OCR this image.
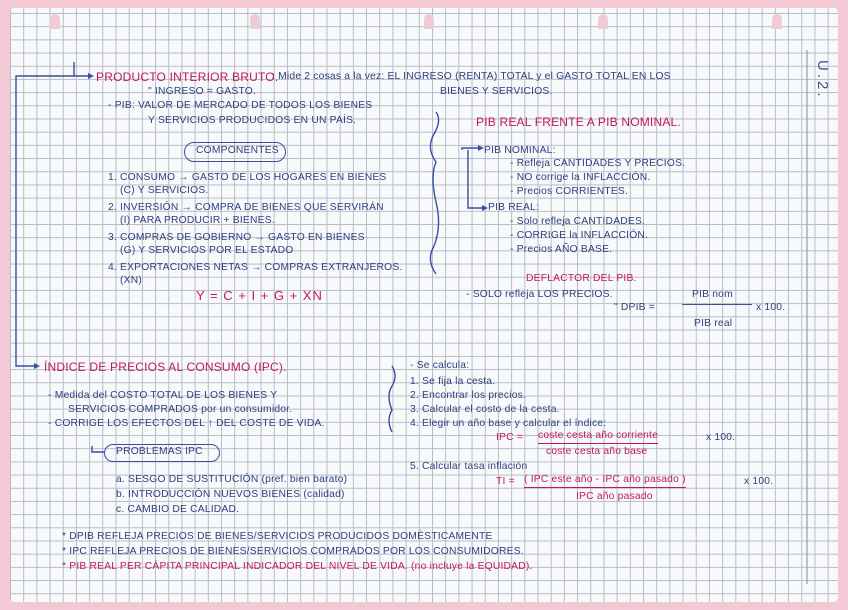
U.2.
PRODUCTO INTERIOR BRUTO.
: Mide 2 cosas a la vez: EL INGRESO (RENTA) TOTAL y el GASTO TOTAL EN LOS
BIENES Y SERVICIOS.
" INGRESO = GASTO.
- PIB: VALOR DE MERCADO DE TODOS LOS BIENES
Y SERVICIOS PRODUCIDOS EN UN PAÍS.
COMPONENTES
1. CONSUMO → GASTO DE LOS HOGARES EN BIENES
(C) Y SERVICIOS.
2. INVERSIÓN → COMPRA DE BIENES QUE SERVIRÁN
(I) PARA PRODUCIR + BIENES.
3. COMPRAS DE GOBIERNO → GASTO EN BIENES
(G) Y SERVICIOS POR EL ESTADO
4. EXPORTACIONES NETAS → COMPRAS EXTRANJEROS.
(XN)
Y = C + I + G + XN
PIB REAL FRENTE A PIB NOMINAL.
PIB NOMINAL:
- Refleja CANTIDADES Y PRECIOS.
- NO corrige la INFLACCIÓN.
- Precios CORRIENTES.
PIB REAL:
- Solo refleja CANTIDADES.
- CORRIGE la INFLACCIÓN.
- Precios AÑO BASE.
DEFLACTOR DEL PIB.
- SOLO refleja LOS PRECIOS.
" DPIB =
PIB nom
PIB real
x 100.
ÍNDICE DE PRECIOS AL CONSUMO (IPC).
- Medida del COSTO TOTAL DE LOS BIENES Y
SERVICIOS COMPRADOS por un consumidor.
- CORRIGE LOS EFECTOS DEL ↑ DEL COSTE DE VIDA.
PROBLEMAS IPC
a. SESGO DE SUSTITUCIÓN (pref. bien barato)
b. INTRODUCCIÓN NUEVOS BIENES (calidad)
c. CAMBIO DE CALIDAD.
- Se calcula:
1. Se fija la cesta.
2. Encontrar los precios.
3. Calcular el costo de la cesta.
4. Elegir un año base y calcular el índice:
IPC = coste cesta año corriente
coste cesta año base
x 100.
5. Calcular tasa inflación
TI = ( IPC este año - IPC año pasado )
IPC año pasado
x 100.
* DPIB REFLEJA PRECIOS DE BIENES/SERVICIOS PRODUCIDOS DOMÉSTICAMENTE
* IPC REFLEJA PRECIOS DE BIENES/SERVICIOS COMPRADOS POR LOS CONSUMIDORES.
* PIB REAL PER CÁPITA PRINCIPAL INDICADOR DEL NIVEL DE VIDA. (no incluye la EQUIDAD).
